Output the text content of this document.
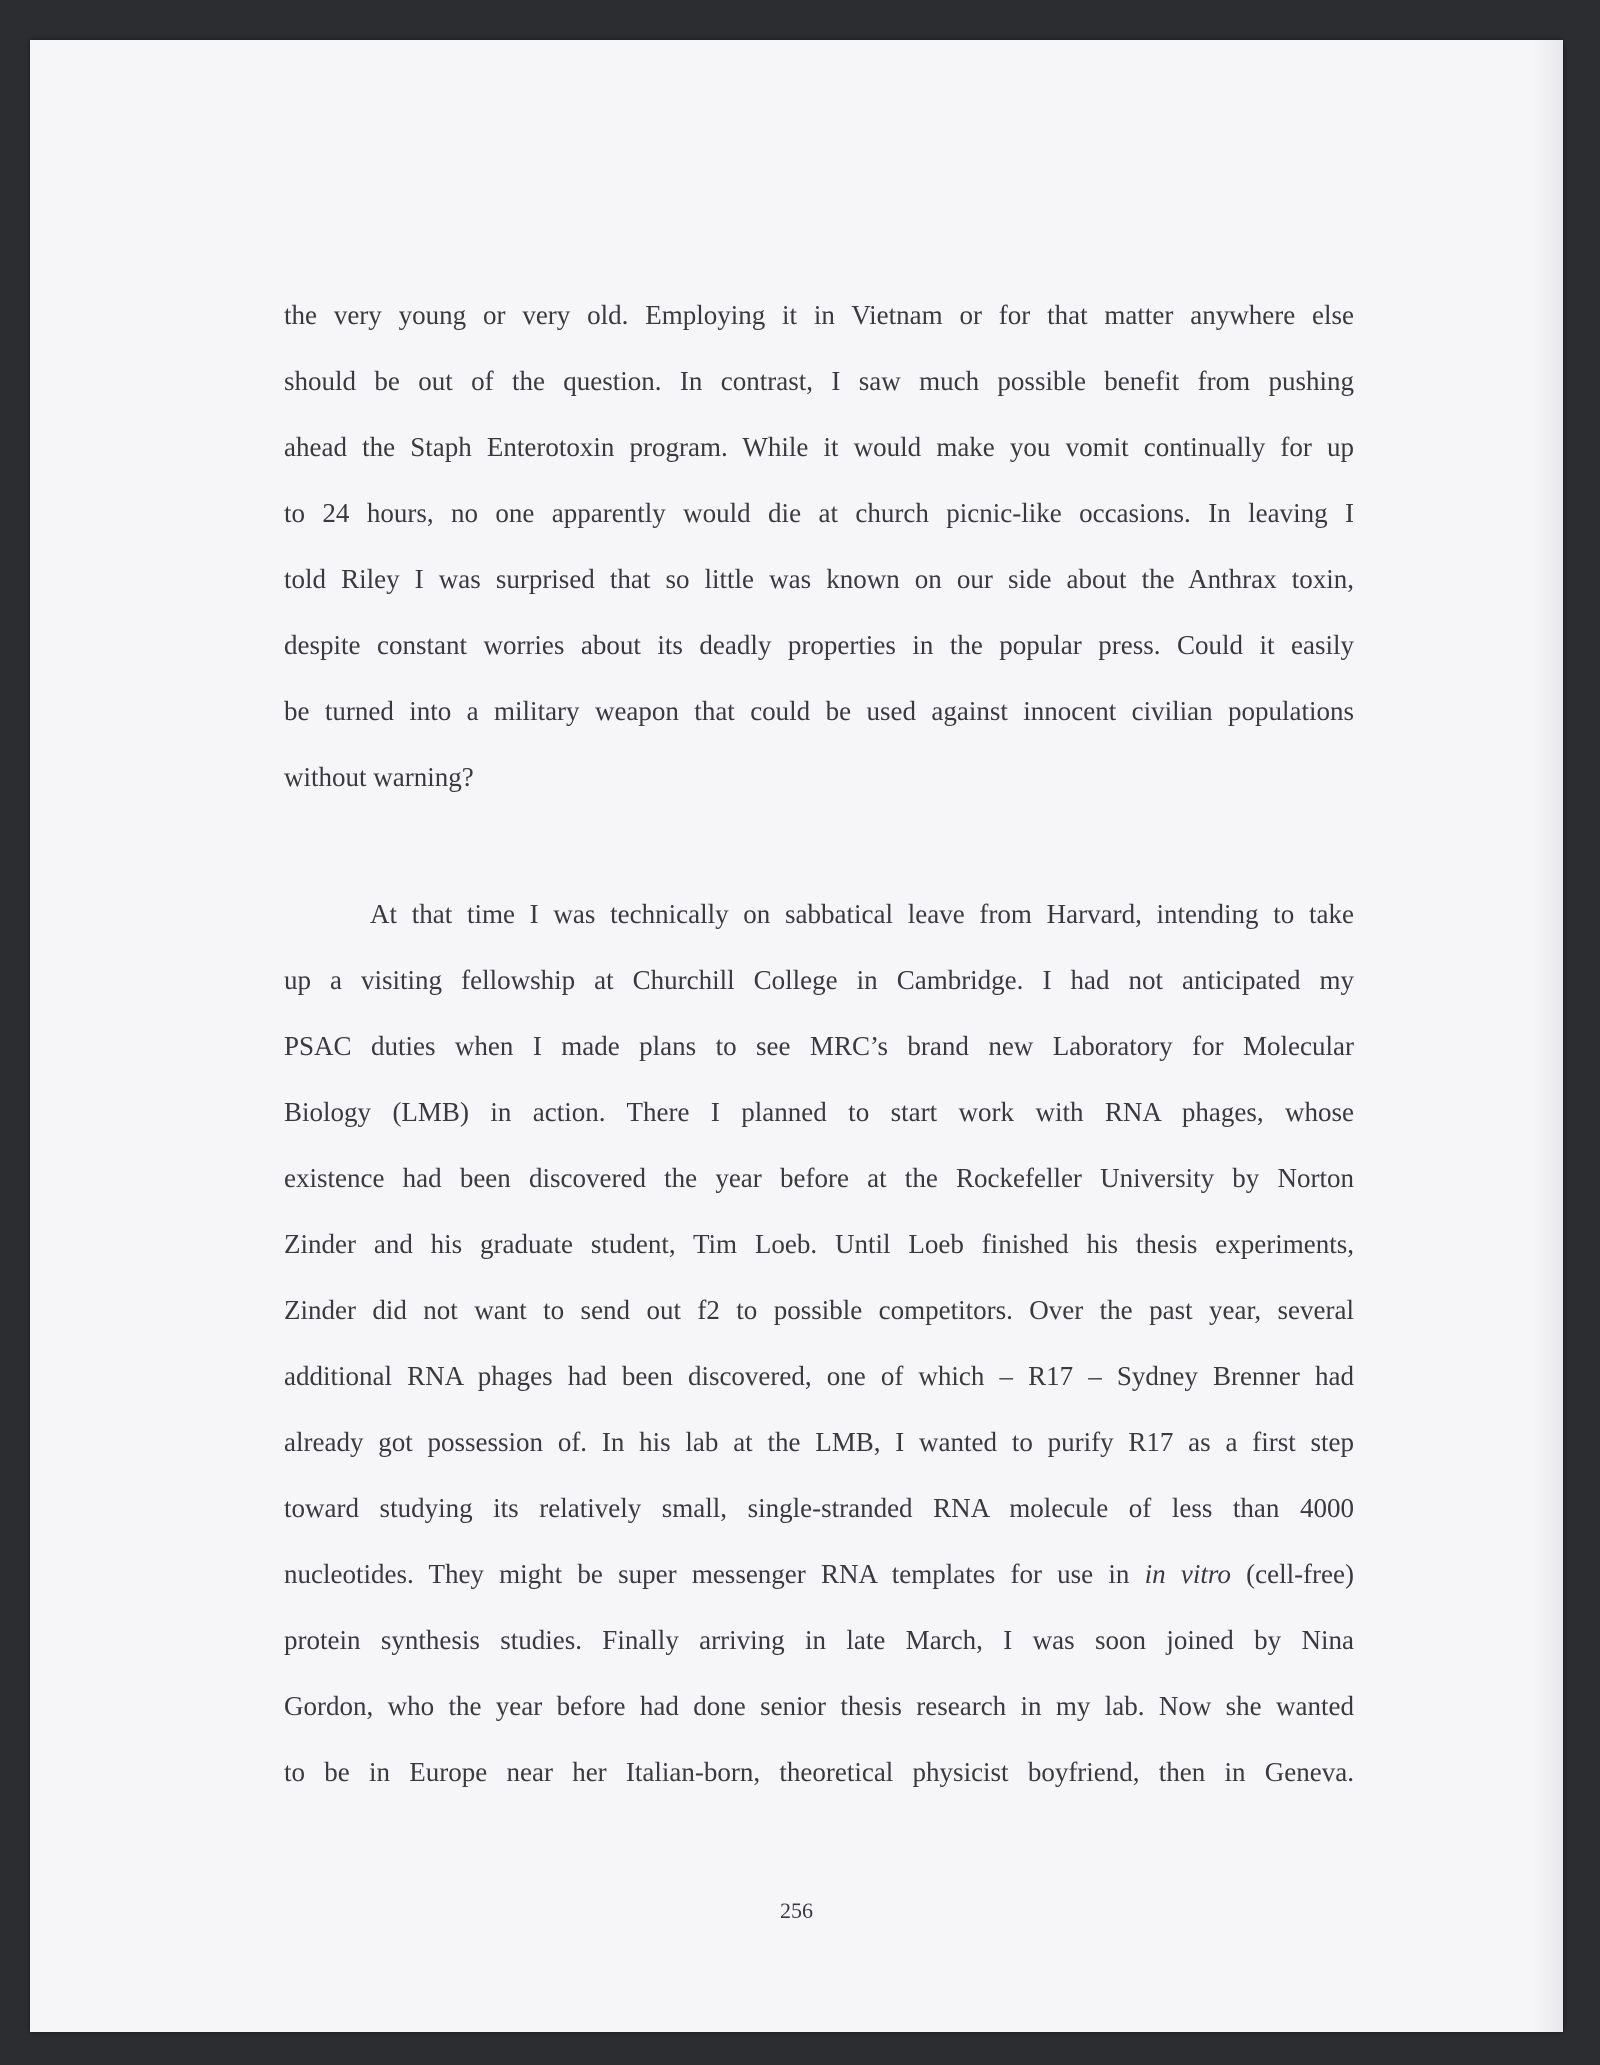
the very young or very old. Employing it in Vietnam or for that matter anywhere else
should be out of the question. In contrast, I saw much possible benefit from pushing
ahead the Staph Enterotoxin program. While it would make you vomit continually for up
to 24 hours, no one apparently would die at church picnic-like occasions. In leaving I
told Riley I was surprised that so little was known on our side about the Anthrax toxin,
despite constant worries about its deadly properties in the popular press. Could it easily
be turned into a military weapon that could be used against innocent civilian populations
without warning?
At that time I was technically on sabbatical leave from Harvard, intending to take
up a visiting fellowship at Churchill College in Cambridge. I had not anticipated my
PSAC duties when I made plans to see MRC’s brand new Laboratory for Molecular
Biology (LMB) in action. There I planned to start work with RNA phages, whose
existence had been discovered the year before at the Rockefeller University by Norton
Zinder and his graduate student, Tim Loeb. Until Loeb finished his thesis experiments,
Zinder did not want to send out f2 to possible competitors. Over the past year, several
additional RNA phages had been discovered, one of which – R17 – Sydney Brenner had
already got possession of. In his lab at the LMB, I wanted to purify R17 as a first step
toward studying its relatively small, single-stranded RNA molecule of less than 4000
nucleotides. They might be super messenger RNA templates for use in in vitro (cell-free)
protein synthesis studies. Finally arriving in late March, I was soon joined by Nina
Gordon, who the year before had done senior thesis research in my lab. Now she wanted
to be in Europe near her Italian-born, theoretical physicist boyfriend, then in Geneva.
256
